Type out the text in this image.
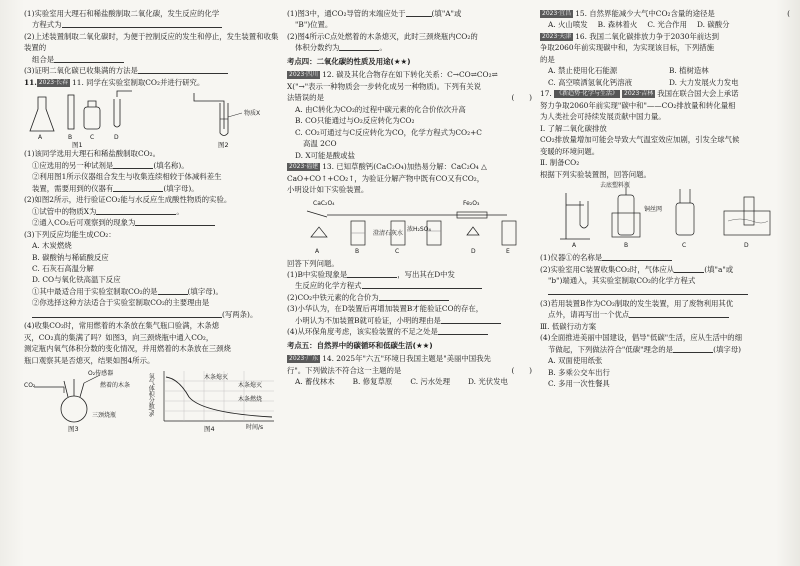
(1)实验室用大理石和稀盐酸制取二氧化碳，发生反应的化学

方程式为

(2)上述装置制取二氧化碳时，为便于控制反应的发生和停止，发生装置和收集装置的

组合是

(3)证明二氧化碳已收集满的方法是

11. 2023·长春 11. 同学在实验室制取CO₂并进行研究。

A	B	C	D
图1
物质X
图2

(1)该同学选用大理石和稀盐酸制取CO₂。

①应选用的另一种试剂是	(填名称)。

②利用图1所示仪器组合发生与收集连续相较于体减料差生

装置，需要用到的仪器有	(填字母)。

(2)如图2所示，进行验证CO₂能与水反应生成酸性物质的实验。

①试管中的物质X为	。

②通入CO₂后可观察到的现象为

(3)下列反应均能生成CO₂：

A. 木炭燃烧

B. 碳酸钠与稀硫酸反应

C. 石灰石高温分解

D. CO与氧化铁高温下反应

①其中最适合用于实验室制取CO₂的是	(填字母)。

②你选择这种方法适合于实验室制取CO₂的主要理由是

(写两条)。

(4)收集CO₂时，常用燃着的木条放在集气瓶口验满，木条熄

灭，CO₂真的集满了吗？如图3，向三颈烧瓶中通入CO₂，

测定瓶内氧气体积分数的变化情况，并用燃着的木条放在三颈烧

瓶口观察其是否熄灭，结果如图4所示。

CO₂
O₂传感器
燃着的木条
三颈烧瓶
图3
氧气体积分数/%	木条熄灭
木条熄灭
木条燃烧
时间/s
图4

(1)图3中，通CO₂导管的末端应处于	(填"A"或

"B")位置。

(2)图4所示C点处燃着的木条熄灭，此时三颈烧瓶内CO₂的

体积分数约为	。

考点四：二氧化碳的性质及用途(★★)

2023·四川 12. 碳及其化合物存在如下转化关系：C→CO⇌CO₂⇌

X("→"表示一种物质会一步转化成另一种物质)。下列有关说

法错误的是	(　　)

A. 由C转化为CO₂的过程中碳元素的化合价依次升高

B. CO只能通过与O₂反应转化为CO₂

C. CO₂可通过与C反应转化为CO，化学方程式为CO₂+C

高温 2CO

D. X可能是酸或盐

2023·福建 13. 已知草酸钙(CaC₂O₄)加热易分解：CaC₂O₄ △

CaO+CO↑+CO₂↑，为验证分解产物中既有CO又有CO₂，

小明设计如下实验装置。

CaC₂O₄	Fe₂O₃
澄清石灰水
浓H₂SO₄
A	B	C	D	E

回答下列问题。

(1)B中实验现象是	，写出其在D中发

生反应的化学方程式

(2)CO₂中铁元素的化合价为

(3)小华认为，在D装置后再增加装置B才能验证CO的存在，

小明认为不加装置B就可验证，小明的理由是

(4)从环保角度考虑，该实验装置的不足之处是

考点五：自然界中的碳循环和低碳生活(★★)

2023·广东 14. 2025年"六五"环境日我国主题是"美丽中国我先

行"。下列做法不符合这一主题的是	(　　)

A. 蓄伐林木 B. 修复草原 C. 污水处理 D. 光伏发电

2023·宜昌 15. 自然界能减少大气中CO₂含量的途径是	(

A. 火山喷发 B. 森林着火 C. 光合作用 D. 碳酸分

2023·天津 16. 我国二氧化碳排放力争于2030年前达到

争取2060年前实现碳中和，为实现该目标，下列措施

的是

A. 禁止使用化石能源	B. 植树造林
C. 高空喷洒氢氧化钙溶液	D. 大力发展火力发电

17. 《新趋势·化学与生活》 2023·吉林 我国在联合国大会上承诺

努力争取2060年前实现"碳中和"——CO₂排放量和转化量相

为人类社会可持续发展贡献中国力量。

Ⅰ. 了解二氧化碳排放

CO₂排放量增加可能会导致大气温室效应加剧，引发全球气候

变暖的环境问题。

Ⅱ. 制备CO₂

根据下列实验装置图，回答问题。

去底塑料瓶
铜丝网
A	B	C	D

(1)仪器①的名称是

(2)实验室用C装置收集CO₂时，气体应从	(填"a"或

"b")端通入，其实验室制取CO₂的化学方程式

(3)若用装置B作为CO₂制取的发生装置，用了废物利用其优

点外，请再写出一个优点

Ⅲ. 低碳行动方案

(4)全面推进美丽中国建设，倡导"低碳"生活，应从生活中的细

节做起，下列做法符合"低碳"理念的是	(填字母)

A. 双面使用纸张

B. 多乘公交车出行

C. 多用一次性餐具
